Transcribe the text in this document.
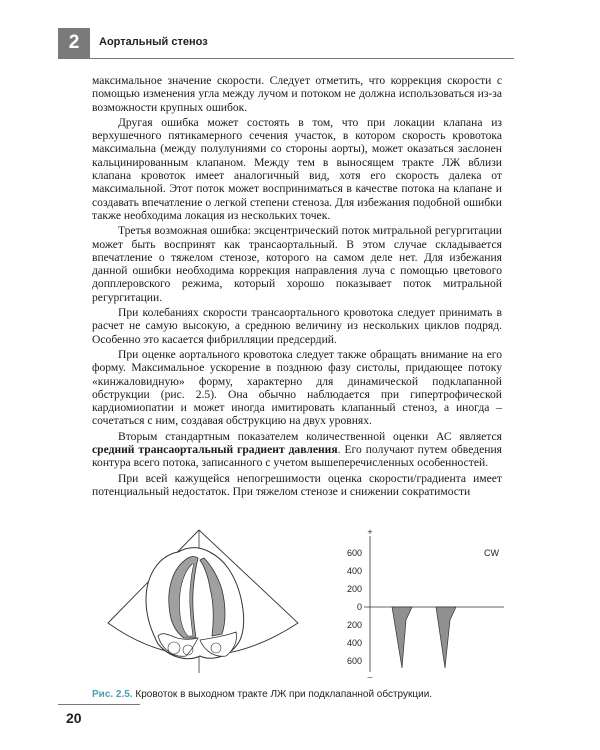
2	Аортальный стеноз

максимальное значение скорости. Следует отметить, что коррекция скорости с помощью изменения угла между лучом и потоком не должна использоваться из-за возможности крупных ошибок.

Другая ошибка может состоять в том, что при локации клапана из верхушечного пятикамерного сечения участок, в котором скорость кровотока максимальна (между полулуниями со стороны аорты), может оказаться заслонен кальцинированным клапаном. Между тем в выносящем тракте ЛЖ вблизи клапана кровоток имеет аналогичный вид, хотя его скорость далека от максимальной. Этот поток может восприниматься в качестве потока на клапане и создавать впечатление о легкой степени стеноза. Для избежания подобной ошибки также необходима локация из нескольких точек.

Третья возможная ошибка: эксцентрический поток митральной регургитации может быть воспринят как трансаортальный. В этом случае складывается впечатление о тяжелом стенозе, которого на самом деле нет. Для избежания данной ошибки необходима коррекция направления луча с помощью цветового допплеровского режима, который хорошо показывает поток митральной регургитации.

При колебаниях скорости трансаортального кровотока следует принимать в расчет не самую высокую, а среднюю величину из нескольких циклов подряд. Особенно это касается фибрилляции предсердий.

При оценке аортального кровотока следует также обращать внимание на его форму. Максимальное ускорение в позднюю фазу систолы, придающее потоку «кинжаловидную» форму, характерно для динамической подклапанной обструкции (рис. 2.5). Она обычно наблюдается при гипертрофической кардиомиопатии и может иногда имитировать клапанный стеноз, а иногда – сочетаться с ним, создавая обструкцию на двух уровнях.

Вторым стандартным показателем количественной оценки АС является средний трансаортальный градиент давления. Его получают путем обведения контура всего потока, записанного с учетом вышеперечисленных особенностей.

При всей кажущейся непогрешимости оценка скорости/градиента имеет потенциальный недостаток. При тяжелом стенозе и снижении сократимости

+
–
600
400
200
0
200
400
600
CW
Рис. 2.5. Кровоток в выходном тракте ЛЖ при подклапанной обструкции.
20
